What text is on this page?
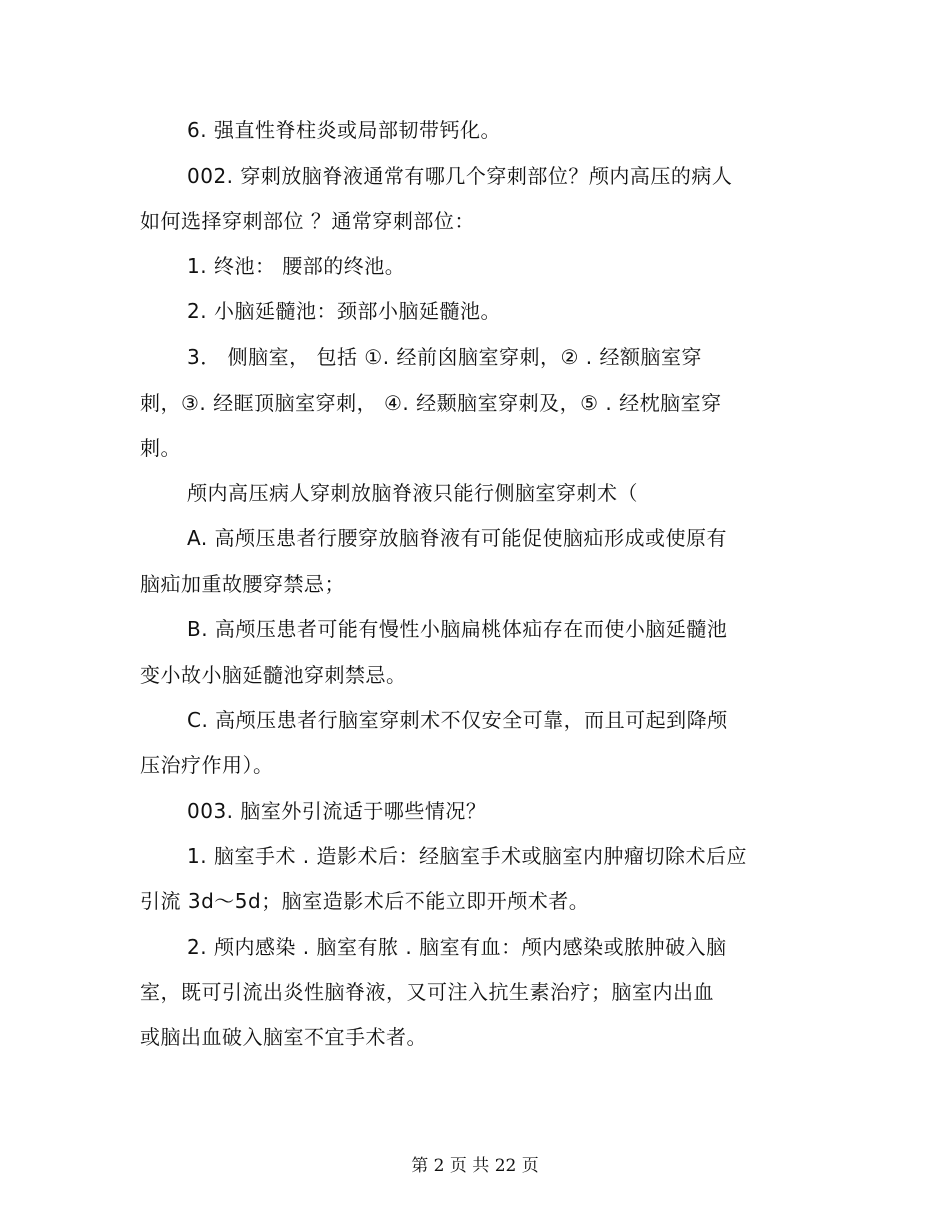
6. 强直性脊柱炎或局部韧带钙化。
002. 穿刺放脑脊液通常有哪几个穿刺部位？颅内高压的病人
如何选择穿刺部位 ？通常穿刺部位：
1. 终池： 腰部的终池。
2. 小脑延髓池：颈部小脑延髓池。
3． 侧脑室， 包括 ①. 经前囟脑室穿刺，② . 经额脑室穿
刺，③. 经眶顶脑室穿刺， ④. 经颞脑室穿刺及，⑤ . 经枕脑室穿
刺。
颅内高压病人穿刺放脑脊液只能行侧脑室穿刺术（
A. 高颅压患者行腰穿放脑脊液有可能促使脑疝形成或使原有
脑疝加重故腰穿禁忌；
B. 高颅压患者可能有慢性小脑扁桃体疝存在而使小脑延髓池
变小故小脑延髓池穿刺禁忌。
C. 高颅压患者行脑室穿刺术不仅安全可靠，而且可起到降颅
压治疗作用）。
003. 脑室外引流适于哪些情况？
1. 脑室手术 . 造影术后：经脑室手术或脑室内肿瘤切除术后应
引流 3d～5d；脑室造影术后不能立即开颅术者。
2. 颅内感染 . 脑室有脓 . 脑室有血：颅内感染或脓肿破入脑
室，既可引流出炎性脑脊液，又可注入抗生素治疗；脑室内出血
或脑出血破入脑室不宜手术者。
第 2 页 共 22 页
